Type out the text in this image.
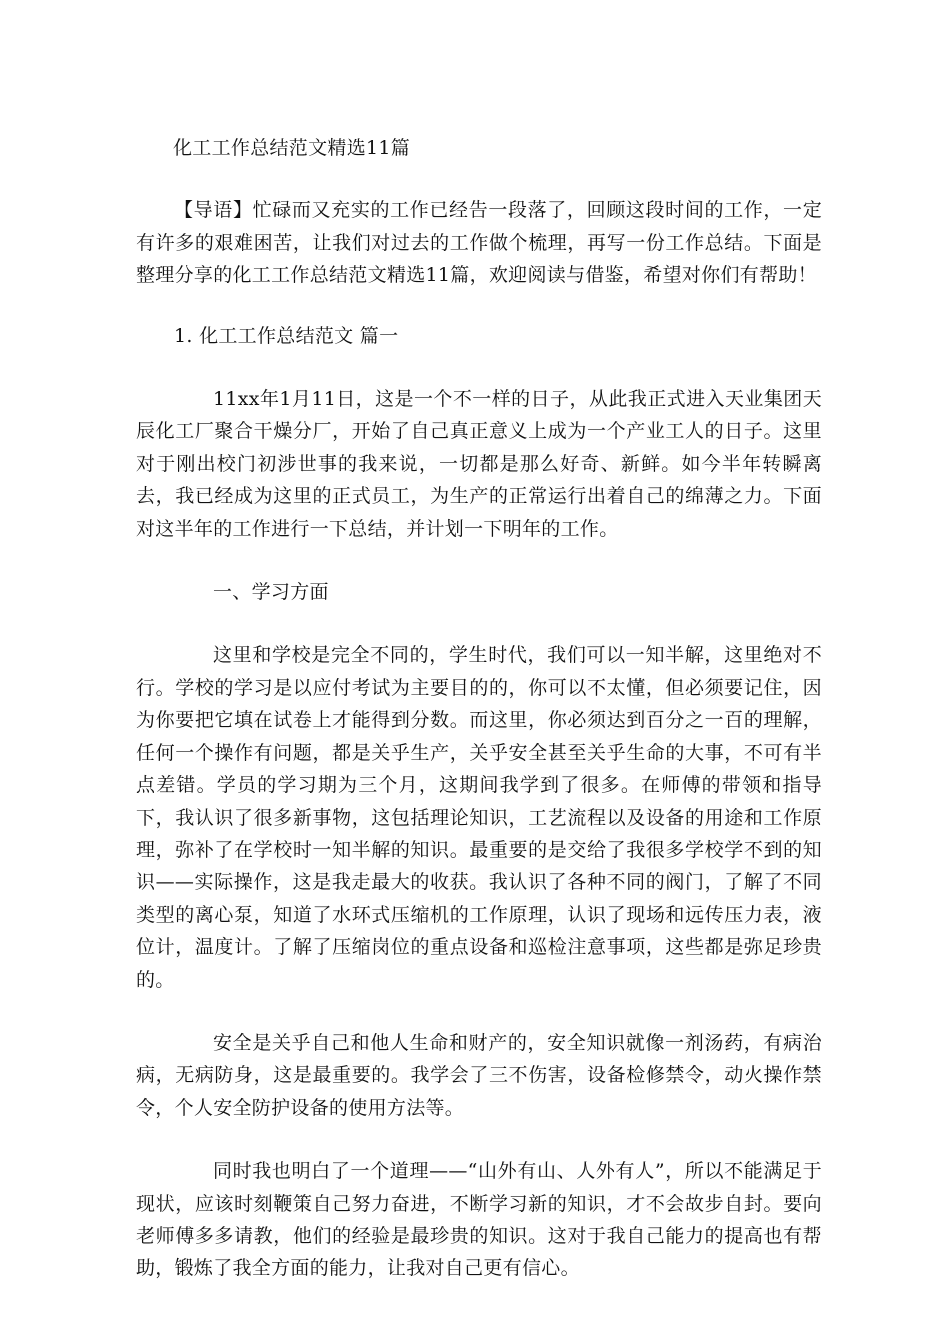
化工工作总结范文精选11篇

【导语】忙碌而又充实的工作已经告一段落了，回顾这段时间的工作，一定有许多的艰难困苦，让我们对过去的工作做个梳理，再写一份工作总结。下面是整理分享的化工工作总结范文精选11篇，欢迎阅读与借鉴，希望对你们有帮助！

1. 化工工作总结范文 篇一

11xx年1月11日，这是一个不一样的日子，从此我正式进入天业集团天辰化工厂聚合干燥分厂，开始了自己真正意义上成为一个产业工人的日子。这里对于刚出校门初涉世事的我来说，一切都是那么好奇、新鲜。如今半年转瞬离去，我已经成为这里的正式员工，为生产的正常运行出着自己的绵薄之力。下面对这半年的工作进行一下总结，并计划一下明年的工作。

一、学习方面

这里和学校是完全不同的，学生时代，我们可以一知半解，这里绝对不行。学校的学习是以应付考试为主要目的的，你可以不太懂，但必须要记住，因为你要把它填在试卷上才能得到分数。而这里，你必须达到百分之一百的理解，任何一个操作有问题，都是关乎生产，关乎安全甚至关乎生命的大事，不可有半点差错。学员的学习期为三个月，这期间我学到了很多。在师傅的带领和指导下，我认识了很多新事物，这包括理论知识，工艺流程以及设备的用途和工作原理，弥补了在学校时一知半解的知识。最重要的是交给了我很多学校学不到的知识——实际操作，这是我走最大的收获。我认识了各种不同的阀门，了解了不同类型的离心泵，知道了水环式压缩机的工作原理，认识了现场和远传压力表，液位计，温度计。了解了压缩岗位的重点设备和巡检注意事项，这些都是弥足珍贵的。

安全是关乎自己和他人生命和财产的，安全知识就像一剂汤药，有病治病，无病防身，这是最重要的。我学会了三不伤害，设备检修禁令，动火操作禁令，个人安全防护设备的使用方法等。

同时我也明白了一个道理——“山外有山、人外有人”，所以不能满足于现状，应该时刻鞭策自己努力奋进，不断学习新的知识，才不会故步自封。要向老师傅多多请教，他们的经验是最珍贵的知识。这对于我自己能力的提高也有帮助，锻炼了我全方面的能力，让我对自己更有信心。
